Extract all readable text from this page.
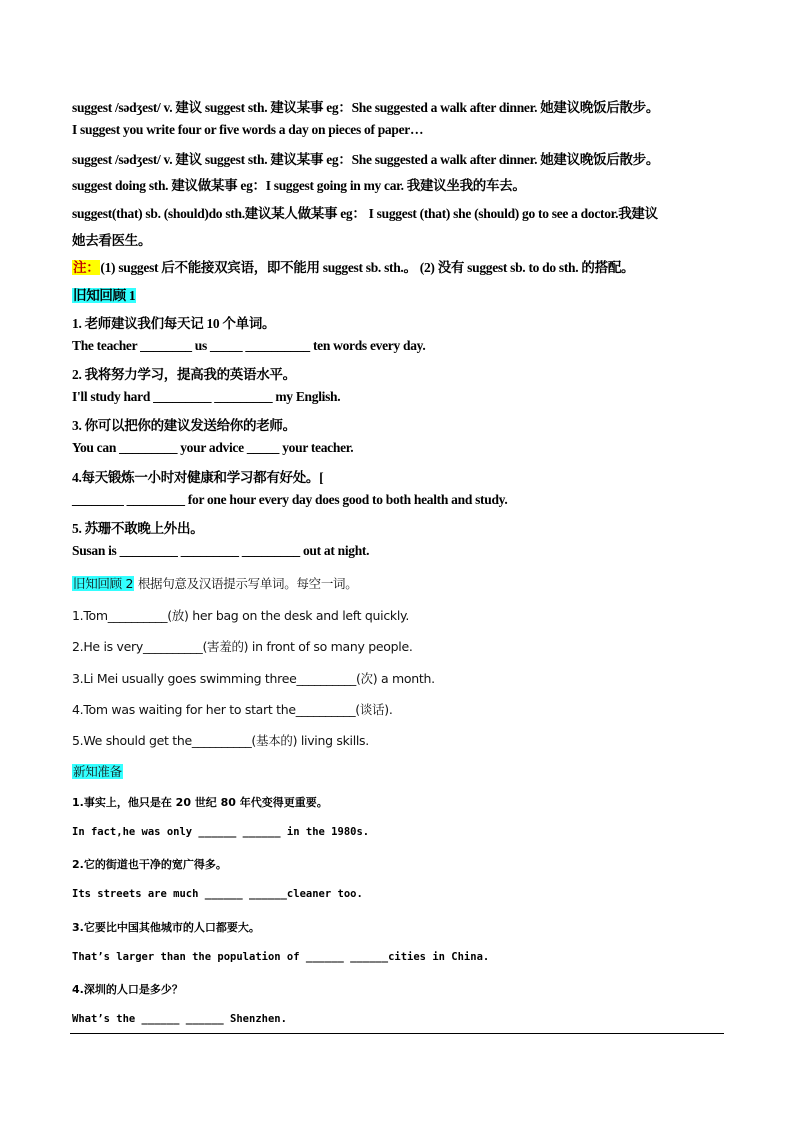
suggest /sədʒest/ v. 建议 suggest sth. 建议某事 eg：She suggested a walk after dinner. 她建议晚饭后散步。
I suggest you write four or five words a day on pieces of paper…
suggest /sədʒest/ v. 建议 suggest sth. 建议某事 eg：She suggested a walk after dinner. 她建议晚饭后散步。
suggest doing sth. 建议做某事 eg：I suggest going in my car. 我建议坐我的车去。
suggest(that) sb. (should)do sth.建议某人做某事 eg： I suggest (that) she (should) go to see a doctor.我建议
她去看医生。
注：(1) suggest 后不能接双宾语，即不能用 suggest sb. sth.。 (2) 没有 suggest sb. to do sth. 的搭配。
旧知回顾 1
1. 老师建议我们每天记 10 个单词。
The teacher ________ us _____ __________ ten words every day.
2. 我将努力学习，提高我的英语水平。
I'll study hard _________ _________ my English.
3. 你可以把你的建议发送给你的老师。
You can _________ your advice _____ your teacher.
4.每天锻炼一小时对健康和学习都有好处。[
________ _________ for one hour every day does good to both health and study.
5. 苏珊不敢晚上外出。
Susan is _________ _________ _________ out at night.
旧知回顾 2 根据句意及汉语提示写单词。每空一词。
1.Tom__________(放) her bag on the desk and left quickly.
2.He is very__________(害羞的) in front of so many people.
3.Li Mei usually goes swimming three__________(次) a month.
4.Tom was waiting for her to start the__________(谈话).
5.We should get the__________(基本的) living skills.
新知准备
1.事实上，他只是在 20 世纪 80 年代变得更重要。
In fact,he was only ______ ______ in the 1980s.
2.它的街道也干净的宽广得多。
Its streets are much ______ ______cleaner too.
3.它要比中国其他城市的人口都要大。
That’s larger than the population of ______ ______cities in China.
4.深圳的人口是多少？
What’s the ______ ______ Shenzhen.
